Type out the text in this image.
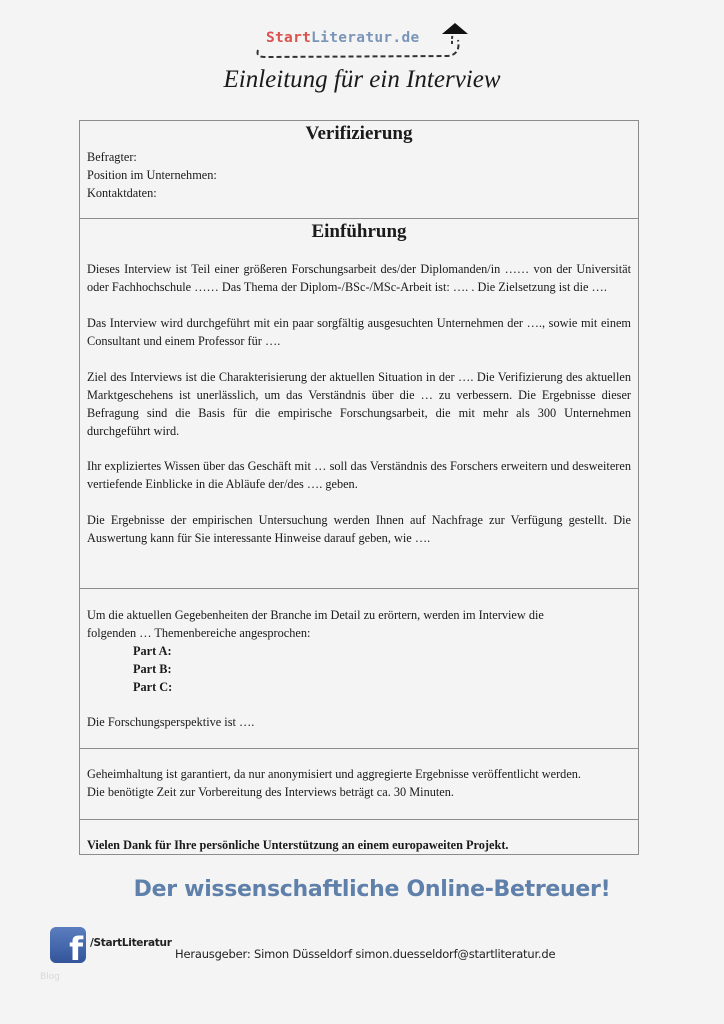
StartLiteratur.de
Einleitung für ein Interview

Verifizierung

Befragter:

Position im Unternehmen:

Kontaktdaten:

Einführung

Dieses Interview ist Teil einer größeren Forschungsarbeit des/der Diplomanden/in …… von der Universität oder Fachhochschule …… Das Thema der Diplom-/BSc-/MSc-Arbeit ist: …. . Die Zielsetzung ist die ….

Das Interview wird durchgeführt mit ein paar sorgfältig ausgesuchten Unternehmen der …., sowie mit einem Consultant und einem Professor für ….

Ziel des Interviews ist die Charakterisierung der aktuellen Situation in der …. Die Verifizierung des aktuellen Marktgeschehens ist unerlässlich, um das Verständnis über die … zu verbessern. Die Ergebnisse dieser Befragung sind die Basis für die empirische Forschungsarbeit, die mit mehr als 300 Unternehmen durchgeführt wird.

Ihr expliziertes Wissen über das Geschäft mit … soll das Verständnis des Forschers erweitern und desweiteren vertiefende Einblicke in die Abläufe der/des …. geben.

Die Ergebnisse der empirischen Untersuchung werden Ihnen auf Nachfrage zur Verfügung gestellt. Die Auswertung kann für Sie interessante Hinweise darauf geben, wie ….

Um die aktuellen Gegebenheiten der Branche im Detail zu erörtern, werden im Interview die folgenden … Themenbereiche angesprochen:

Part A:

Part B:

Part C:

Die Forschungsperspektive ist ….

Geheimhaltung ist garantiert, da nur anonymisiert und aggregierte Ergebnisse veröffentlicht werden.

Die benötigte Zeit zur Vorbereitung des Interviews beträgt ca. 30 Minuten.

Vielen Dank für Ihre persönliche Unterstützung an einem europaweiten Projekt.

Der wissenschaftliche Online-Betreuer!
f /StartLiteratur
Herausgeber: Simon Düsseldorf simon.duesseldorf@startliteratur.de
Blog
